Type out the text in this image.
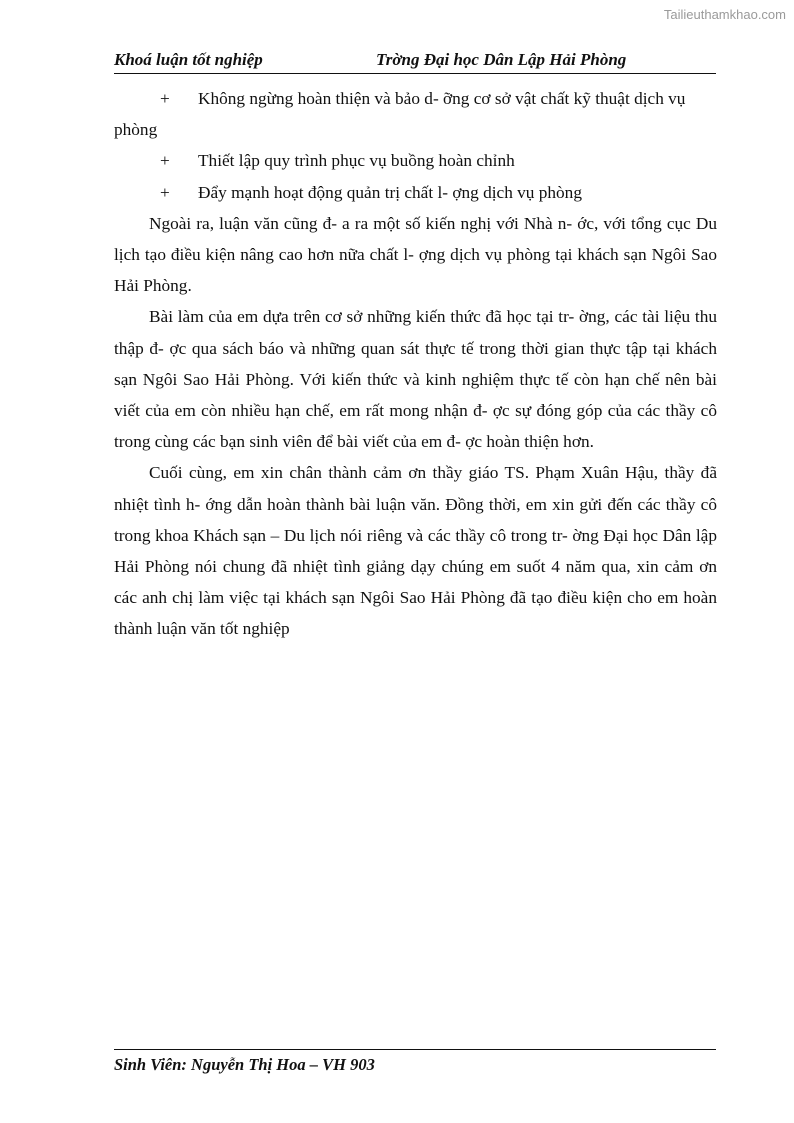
Tailieuthamkhao.com
Khoá luận tốt nghiệp	Trờng Đại học Dân Lập Hải Phòng

+	Không ngừng hoàn thiện và bảo d- ỡng cơ sở vật chất kỹ thuật dịch vụ

phòng

+	Thiết lập quy trình phục vụ buồng hoàn chỉnh

+	Đẩy mạnh hoạt động quản trị chất l- ợng dịch vụ phòng

Ngoài ra, luận văn cũng đ- a ra một số kiến nghị với Nhà n- ớc, với tổng cục Du lịch tạo điều kiện nâng cao hơn nữa chất l- ợng dịch vụ phòng tại khách sạn Ngôi Sao Hải Phòng.

Bài làm của em dựa trên cơ sở những kiến thức đã học tại tr- ờng, các tài liệu thu thập đ- ợc qua sách báo và những quan sát thực tế trong thời gian thực tập tại khách sạn Ngôi Sao Hải Phòng. Với kiến thức và kinh nghiệm thực tế còn hạn chế nên bài viết của em còn nhiều hạn chế, em rất mong nhận đ- ợc sự đóng góp của các thầy cô trong cùng các bạn sinh viên để bài viết của em đ- ợc hoàn thiện hơn.

Cuối cùng, em xin chân thành cảm ơn thầy giáo TS. Phạm Xuân Hậu, thầy đã nhiệt tình h- ớng dẫn hoàn thành bài luận văn. Đồng thời, em xin gửi đến các thầy cô trong khoa Khách sạn – Du lịch nói riêng và các thầy cô trong tr- ờng Đại học Dân lập Hải Phòng nói chung đã nhiệt tình giảng dạy chúng em suốt 4 năm qua, xin cảm ơn các anh chị làm việc tại khách sạn Ngôi Sao Hải Phòng đã tạo điều kiện cho em hoàn thành luận văn tốt nghiệp

Sinh Viên: Nguyễn Thị Hoa – VH 903
